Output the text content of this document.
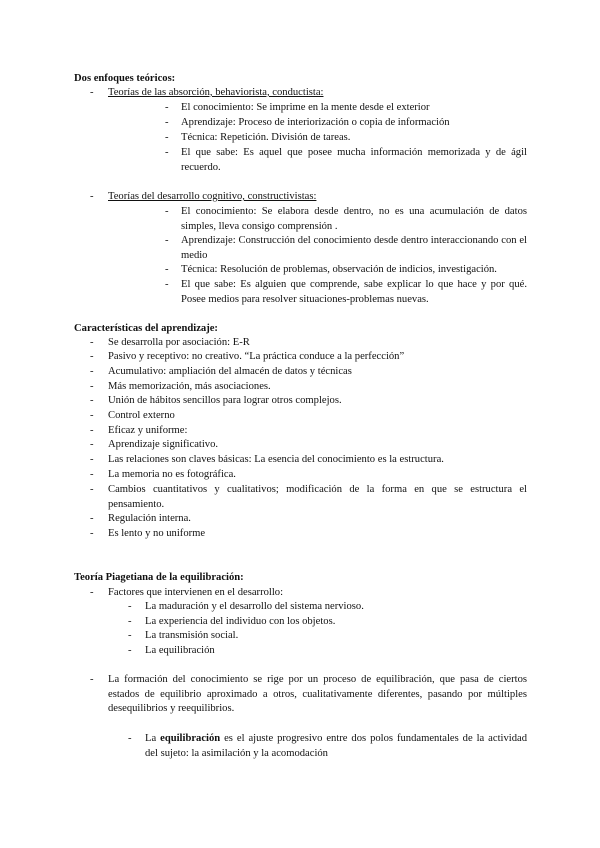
Dos enfoques teóricos:
- Teorías de las absorción, behaviorista, conductista:
- El conocimiento: Se imprime en la mente desde el exterior
- Aprendizaje: Proceso de interiorización o copia de información
- Técnica: Repetición. División de tareas.
- El que sabe: Es aquel que posee mucha información memorizada y de ágil recuerdo.
- Teorías del desarrollo cognitivo, constructivistas:
- El conocimiento: Se elabora desde dentro, no es una acumulación de datos simples, lleva consigo comprensión .
- Aprendizaje: Construcción del conocimiento desde dentro interaccionando con el medio
- Técnica: Resolución de problemas, observación de indicios, investigación.
- El que sabe: Es alguien que comprende, sabe explicar lo que hace y por qué. Posee medios para resolver situaciones-problemas nuevas.
Características del aprendizaje:
- Se desarrolla por asociación: E-R
- Pasivo y receptivo: no creativo. “La práctica conduce a la perfección”
- Acumulativo: ampliación del almacén de datos y técnicas
- Más memorización, más asociaciones.
- Unión de hábitos sencillos para lograr otros complejos.
- Control externo
- Eficaz y uniforme:
- Aprendizaje significativo.
- Las relaciones son claves básicas: La esencia del conocimiento es la estructura.
- La memoria no es fotográfica.
- Cambios cuantitativos y cualitativos; modificación de la forma en que se estructura el pensamiento.
- Regulación interna.
- Es lento y no uniforme
Teoría Piagetiana de la equilibración:
- Factores que intervienen en el desarrollo:
- La maduración y el desarrollo del sistema nervioso.
- La experiencia del individuo con los objetos.
- La transmisión social.
- La equilibración
- La formación del conocimiento se rige por un proceso de equilibración, que pasa de ciertos estados de equilibrio aproximado a otros, cualitativamente diferentes, pasando por múltiples desequilibrios y reequilibrios.
- La equilibración es el ajuste progresivo entre dos polos fundamentales de la actividad del sujeto: la asimilación y la acomodación
